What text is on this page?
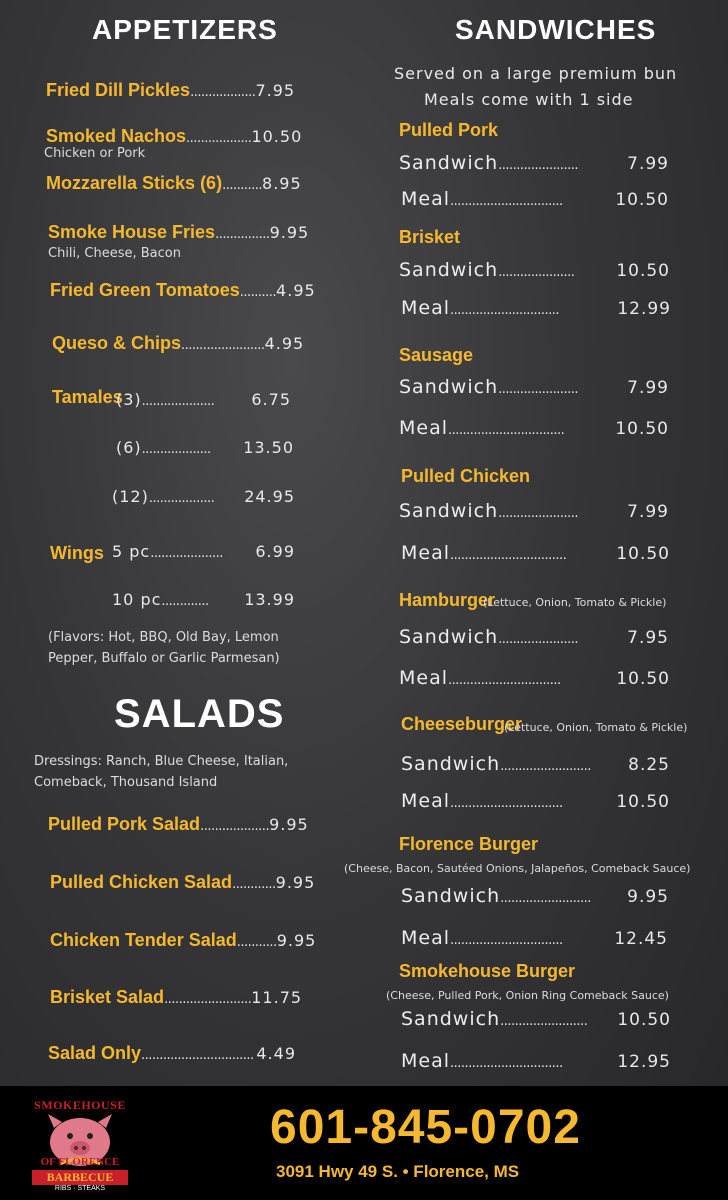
APPETIZERS
Fried Dill Pickles .................. 7.95
Smoked Nachos .................. 10.50
Chicken or Pork
Mozzarella Sticks (6) ........... 8.95
Smoke House Fries ............... 9.95
Chili, Cheese, Bacon
Fried Green Tomatoes .......... 4.95
Queso & Chips ....................... 4.95
Tamales
(3) ....................	6.75
(6) ...................	13.50
(12) ..................	24.95
Wings 5 pc ....................	6.99
10 pc .............	13.99
(Flavors: Hot, BBQ, Old Bay, Lemon
Pepper, Buffalo or Garlic Parmesan)
SALADS
Dressings: Ranch, Blue Cheese, Italian,
Comeback, Thousand Island
Pulled Pork Salad ................... 9.95
Pulled Chicken Salad ............ 9.95
Chicken Tender Salad ........... 9.95
Brisket Salad ........................ 11.75
Salad Only ............................... 4.49
SANDWICHES
Served on a large premium bun
Meals come with 1 side
Pulled Pork
Sandwich ......................	7.99
Meal ...............................	10.50
Brisket
Sandwich .....................	10.50
Meal ..............................	12.99
Sausage
Sandwich ......................	7.99
Meal ................................	10.50
Pulled Chicken
Sandwich ......................	7.99
Meal ................................	10.50
Hamburger
(Lettuce, Onion, Tomato & Pickle)
Sandwich ......................	7.95
Meal ...............................	10.50
Cheeseburger
(Lettuce, Onion, Tomato & Pickle)
Sandwich .........................	8.25
Meal ...............................	10.50
Florence Burger
(Cheese, Bacon, Sautéed Onions, Jalapeños, Comeback Sauce)
Sandwich .........................	9.95
Meal ...............................	12.45
Smokehouse Burger
(Cheese, Pulled Pork, Onion Ring Comeback Sauce)
Sandwich ........................	10.50
Meal ...............................	12.95
SMOKEHOUSE
OF FLORENCE
BARBECUE
RIBS · STEAKS
601-845-0702
3091 Hwy 49 S. • Florence, MS
